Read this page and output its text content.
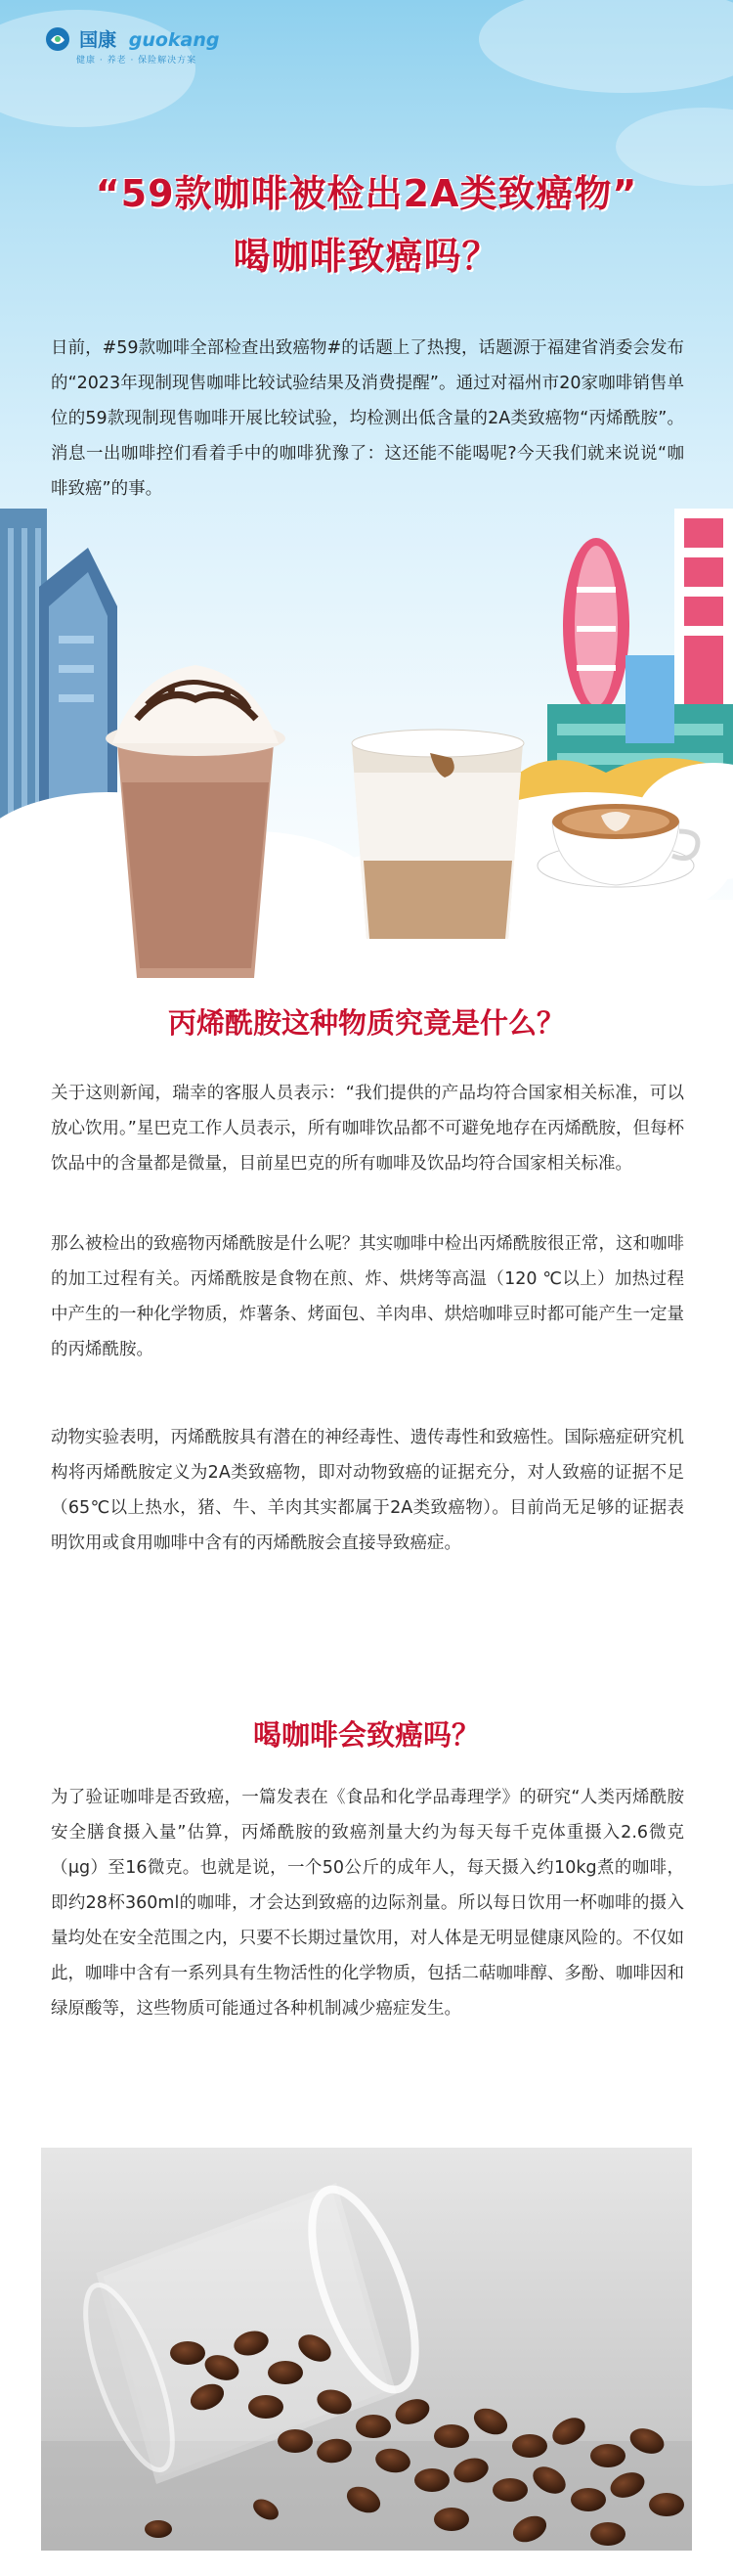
国康 guokang
健康 · 养老 · 保险解决方案
“59款咖啡被检出2A类致癌物”
喝咖啡致癌吗？

日前，#59款咖啡全部检查出致癌物#的话题上了热搜，话题源于福建省消委会发布的“2023年现制现售咖啡比较试验结果及消费提醒”。通过对福州市20家咖啡销售单位的59款现制现售咖啡开展比较试验，均检测出低含量的2A类致癌物“丙烯酰胺”。消息一出咖啡控们看着手中的咖啡犹豫了：这还能不能喝呢?今天我们就来说说“咖啡致癌”的事。

丙烯酰胺这种物质究竟是什么？

关于这则新闻，瑞幸的客服人员表示：“我们提供的产品均符合国家相关标准，可以放心饮用。”星巴克工作人员表示，所有咖啡饮品都不可避免地存在丙烯酰胺，但每杯饮品中的含量都是微量，目前星巴克的所有咖啡及饮品均符合国家相关标准。

那么被检出的致癌物丙烯酰胺是什么呢？其实咖啡中检出丙烯酰胺很正常，这和咖啡的加工过程有关。丙烯酰胺是食物在煎、炸、烘烤等高温（120 ℃以上）加热过程中产生的一种化学物质，炸薯条、烤面包、羊肉串、烘焙咖啡豆时都可能产生一定量的丙烯酰胺。

动物实验表明，丙烯酰胺具有潜在的神经毒性、遗传毒性和致癌性。国际癌症研究机构将丙烯酰胺定义为2A类致癌物，即对动物致癌的证据充分，对人致癌的证据不足（65℃以上热水，猪、牛、羊肉其实都属于2A类致癌物）。目前尚无足够的证据表明饮用或食用咖啡中含有的丙烯酰胺会直接导致癌症。

喝咖啡会致癌吗？

为了验证咖啡是否致癌，一篇发表在《食品和化学品毒理学》的研究“人类丙烯酰胺安全膳食摄入量”估算，丙烯酰胺的致癌剂量大约为每天每千克体重摄入2.6微克（μg）至16微克。也就是说，一个50公斤的成年人，每天摄入约10kg煮的咖啡，即约28杯360ml的咖啡，才会达到致癌的边际剂量。所以每日饮用一杯咖啡的摄入量均处在安全范围之内，只要不长期过量饮用，对人体是无明显健康风险的。不仅如此，咖啡中含有一系列具有生物活性的化学物质，包括二萜咖啡醇、多酚、咖啡因和绿原酸等，这些物质可能通过各种机制减少癌症发生。
